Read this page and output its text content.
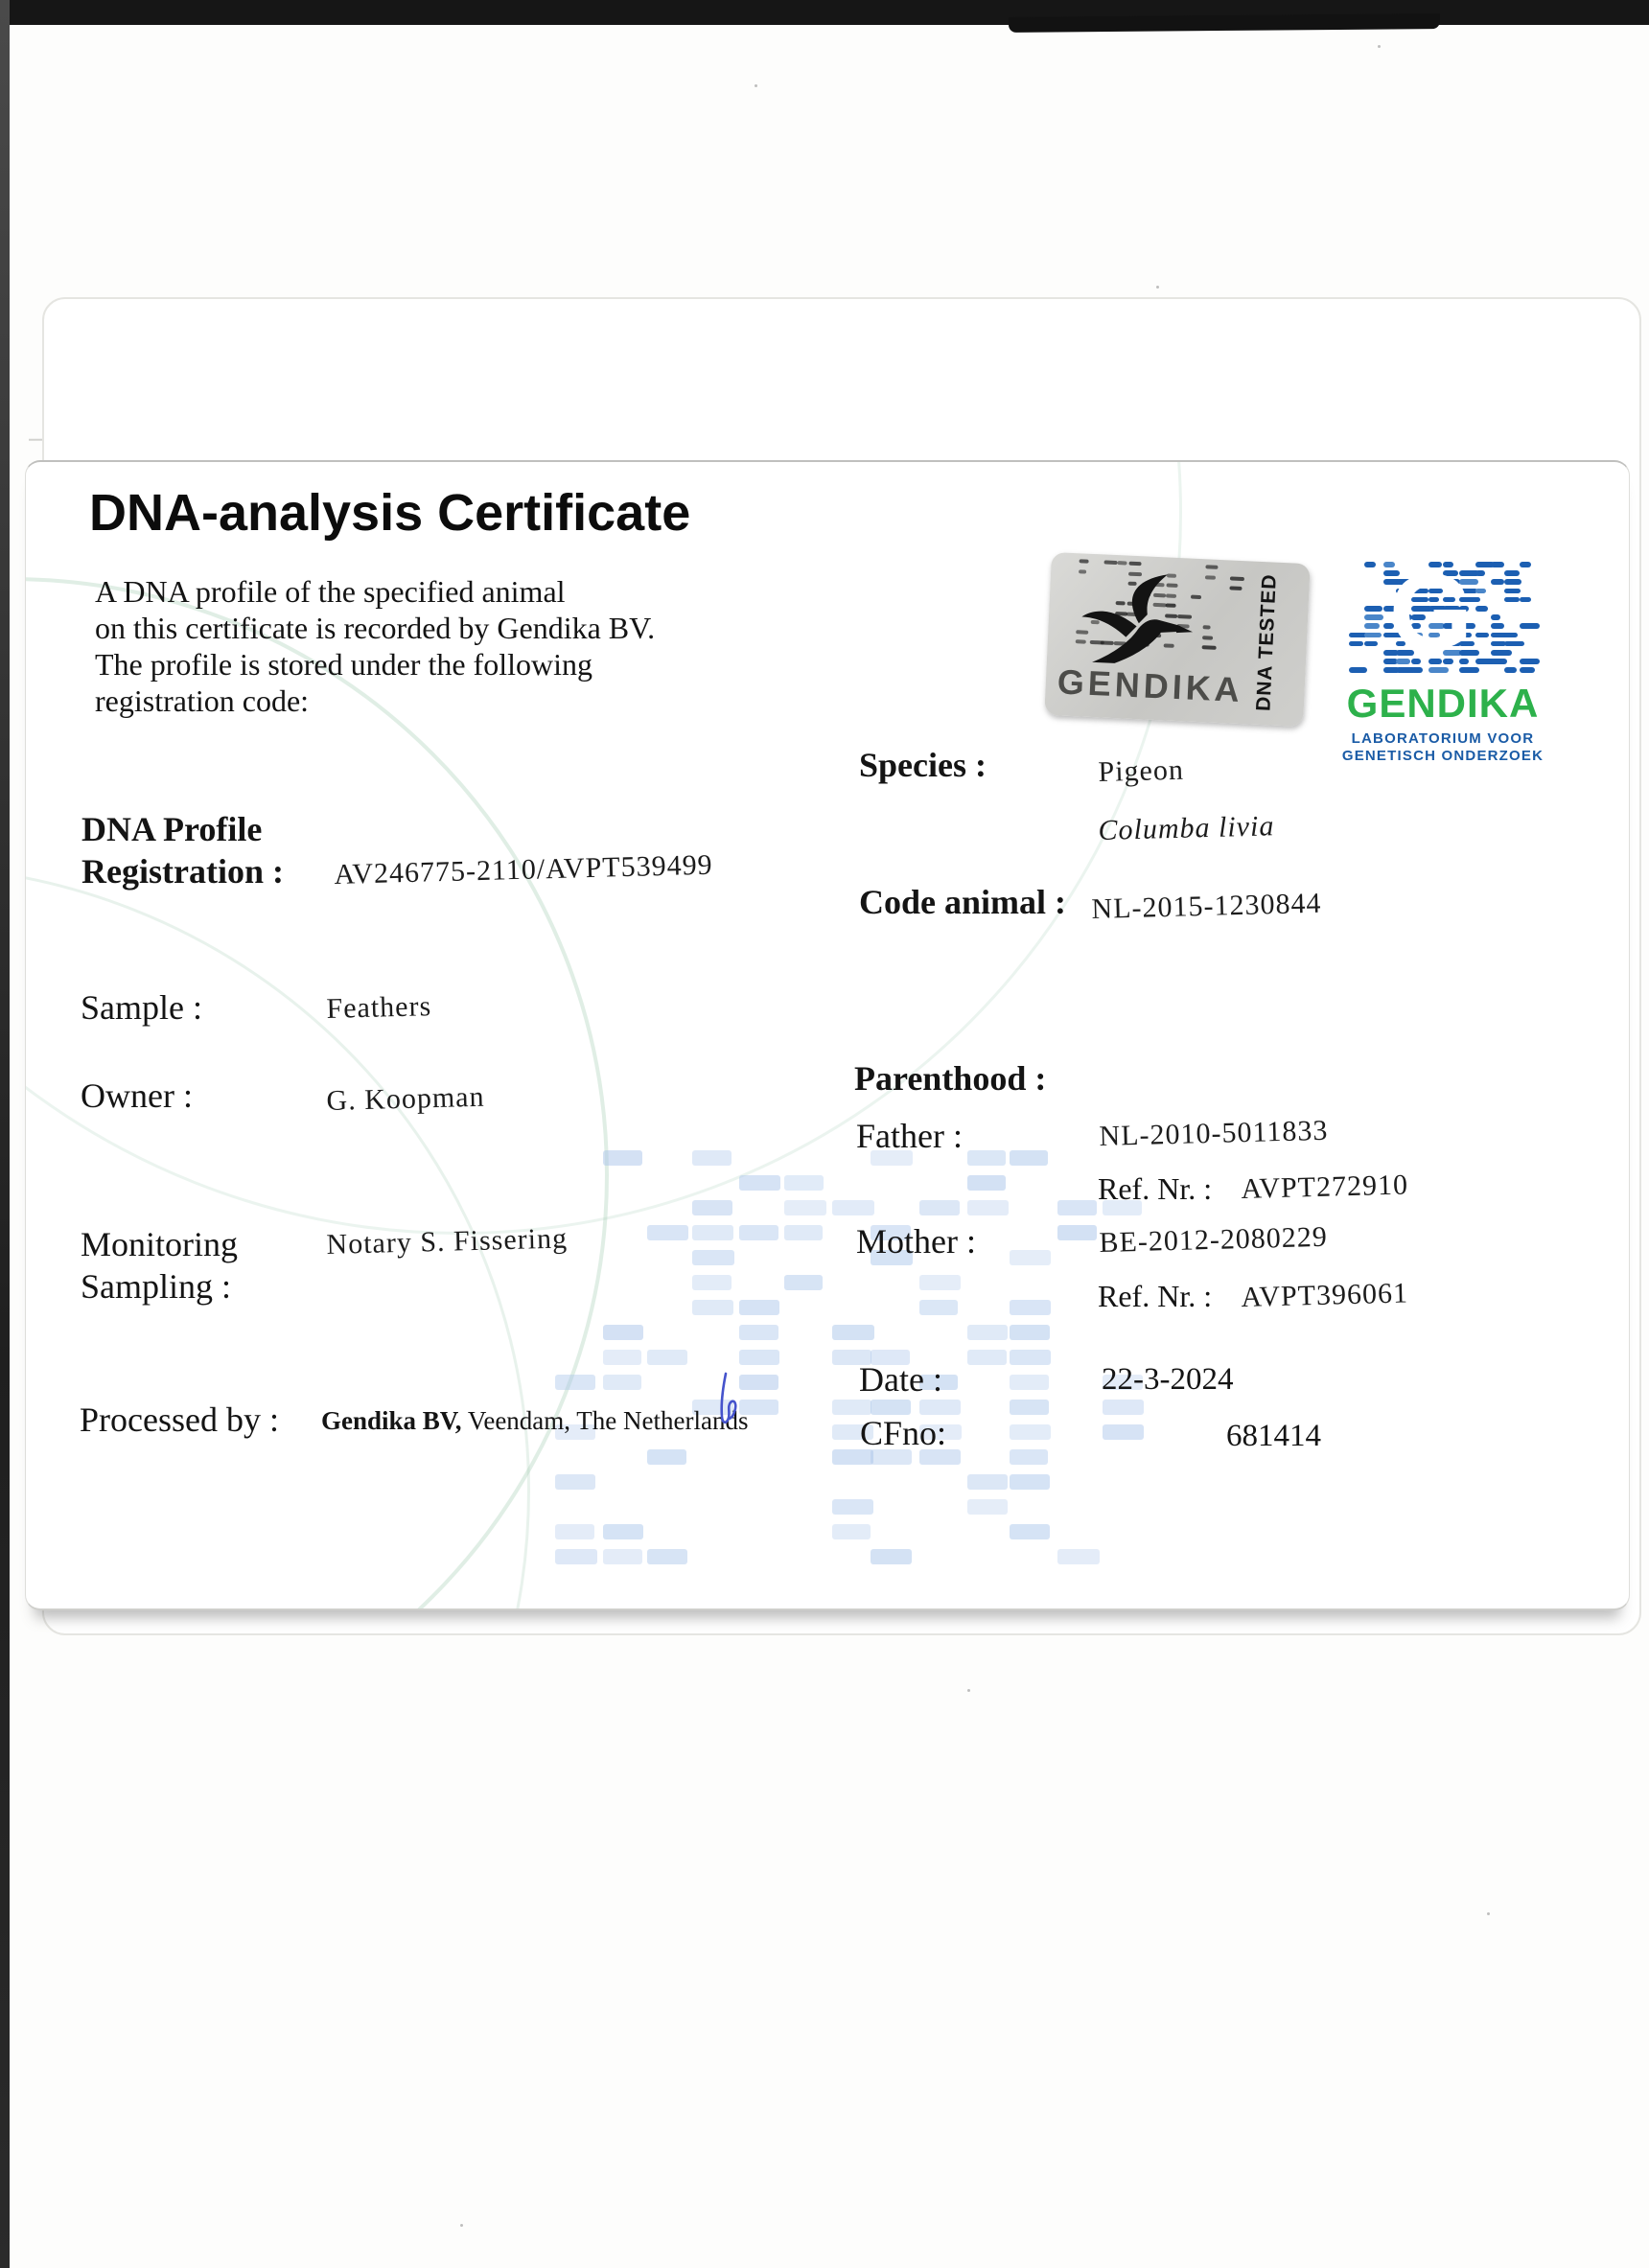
DNA-analysis Certificate
A DNA profile of the specified animal
on this certificate is recorded by Gendika BV.
The profile is stored under the following
registration code:
DNA Profile
Registration : AV246775-2110/AVPT539499
Sample :	Feathers
Owner :	G. Koopman
Monitoring
Sampling :
Notary S. Fissering
Processed by : Gendika BV, Veendam, The Netherlands
Species :	Pigeon
Columba livia
Code animal : NL-2015-1230844
Parenthood :
Father :	NL-2010-5011833
Ref. Nr. : AVPT272910
Mother :	BE-2012-2080229
Ref. Nr. : AVPT396061
Date :	22-3-2024
CFno:	681414
GENDIKA DNA TESTED G
GENDIKA
LABORATORIUM VOOR
GENETISCH ONDERZOEK
